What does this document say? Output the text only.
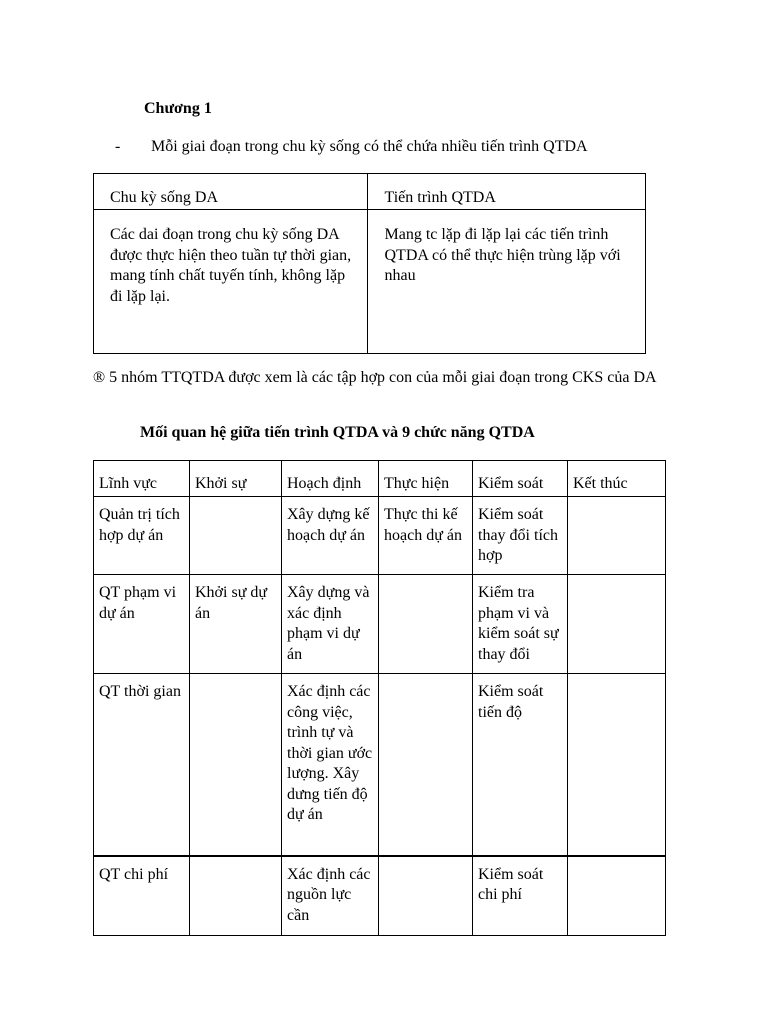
Chương 1
- Mỗi giai đoạn trong chu kỳ sống có thể chứa nhiều tiến trình QTDA
Chu kỳ sống DA	Tiến trình QTDA
Các dai đoạn trong chu kỳ sống DA được thực hiện theo tuần tự thời gian, mang tính chất tuyến tính, không lặp đi lặp lại.	Mang tc lặp đi lặp lại các tiến trình QTDA có thể thực hiện trùng lặp với nhau
® 5 nhóm TTQTDA được xem là các tập hợp con của mỗi giai đoạn trong CKS của DA
Mối quan hệ giữa tiến trình QTDA và 9 chức năng QTDA
Lĩnh vực	Khởi sự	Hoạch định	Thực hiện	Kiểm soát	Kết thúc
Quản trị tích hợp dự án		Xây dựng kế hoạch dự án	Thực thi kế hoạch dự án	Kiểm soát thay đổi tích hợp	
QT phạm vi dự án	Khởi sự dự án	Xây dựng và xác định phạm vi dự án		Kiểm tra phạm vi và kiểm soát sự thay đổi	
QT thời gian		Xác định các công việc, trình tự và thời gian ước lượng. Xây dưng tiến độ dự án		Kiểm soát tiến độ	
QT chi phí		Xác định các nguồn lực cần		Kiểm soát chi phí	
